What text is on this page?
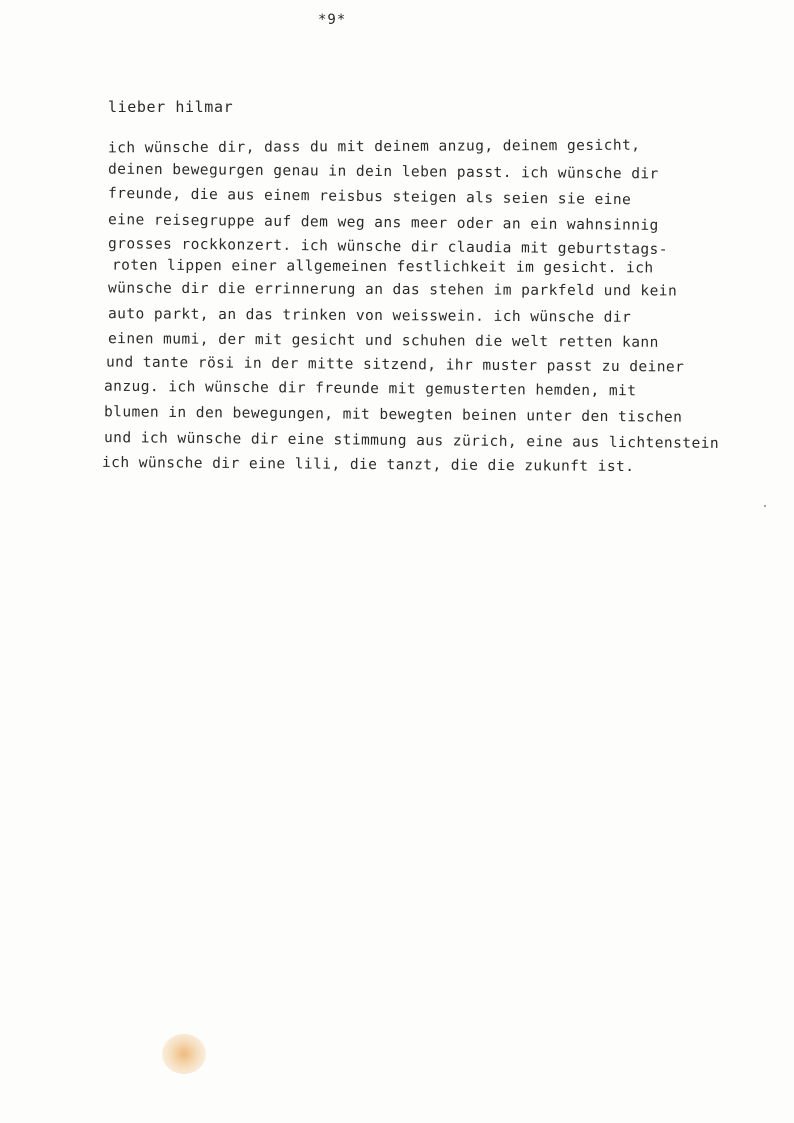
*9*
lieber hilmar
ich wünsche dir, dass du mit deinem anzug, deinem gesicht,
deinen bewegurgen genau in dein leben passt. ich wünsche dir
freunde, die aus einem reisbus steigen als seien sie eine
eine reisegruppe auf dem weg ans meer oder an ein wahnsinnig
grosses rockkonzert. ich wünsche dir claudia mit geburtstags-
roten lippen einer allgemeinen festlichkeit im gesicht. ich
wünsche dir die errinnerung an das stehen im parkfeld und kein
auto parkt, an das trinken von weisswein. ich wünsche dir
einen mumi, der mit gesicht und schuhen die welt retten kann
und tante rösi in der mitte sitzend, ihr muster passt zu deiner
anzug. ich wünsche dir freunde mit gemusterten hemden, mit
blumen in den bewegungen, mit bewegten beinen unter den tischen
und ich wünsche dir eine stimmung aus zürich, eine aus lichtenstein
ich wünsche dir eine lili, die tanzt, die die zukunft ist.
